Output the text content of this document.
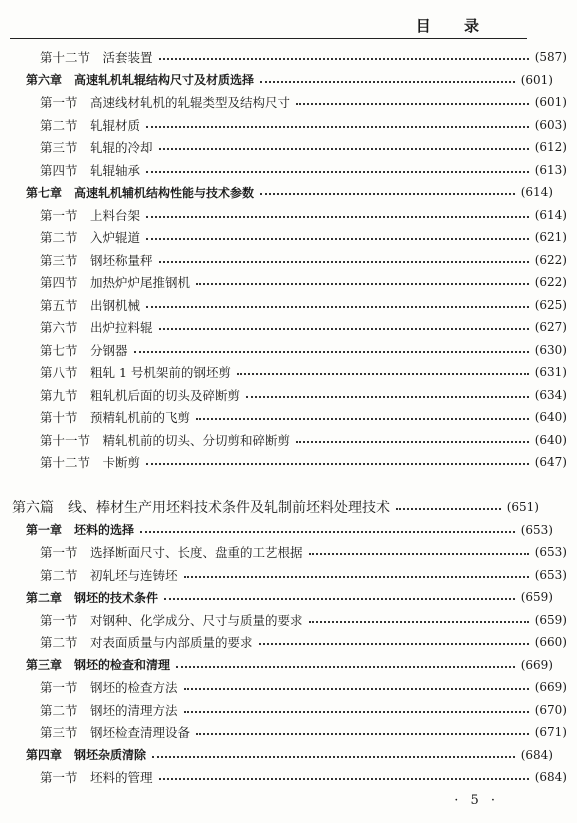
目 录
第十二节　 活套装置	(587)
第六章　 高速轧机轧辊结构尺寸及材质选择	(601)
第一节　 高速线材轧机的轧辊类型及结构尺寸	(601)
第二节　 轧辊材质	(603)
第三节　 轧辊的冷却	(612)
第四节　 轧辊轴承	(613)
第七章　 高速轧机辅机结构性能与技术参数	(614)
第一节　 上料台架	(614)
第二节　 入炉辊道	(621)
第三节　 钢坯称量秤	(622)
第四节　 加热炉炉尾推钢机	(622)
第五节　 出钢机械	(625)
第六节　 出炉拉料辊	(627)
第七节　 分钢器	(630)
第八节　 粗轧 1 号机架前的钢坯剪	(631)
第九节　 粗轧机后面的切头及碎断剪	(634)
第十节　 预精轧机前的飞剪	(640)
第十一节　 精轧机前的切头、分切剪和碎断剪	(640)
第十二节　 卡断剪	(647)
第六篇　 线、棒材生产用坯料技术条件及轧制前坯料处理技术	(651)
第一章　 坯料的选择	(653)
第一节　 选择断面尺寸、长度、盘重的工艺根据	(653)
第二节　 初轧坯与连铸坯	(653)
第二章　 钢坯的技术条件	(659)
第一节　 对钢种、化学成分、尺寸与质量的要求	(659)
第二节　 对表面质量与内部质量的要求	(660)
第三章　 钢坯的检查和清理	(669)
第一节　 钢坯的检查方法	(669)
第二节　 钢坯的清理方法	(670)
第三节　 钢坯检查清理设备	(671)
第四章　 钢坯杂质清除	(684)
第一节　 坯料的管理	(684)
· 5 ·
